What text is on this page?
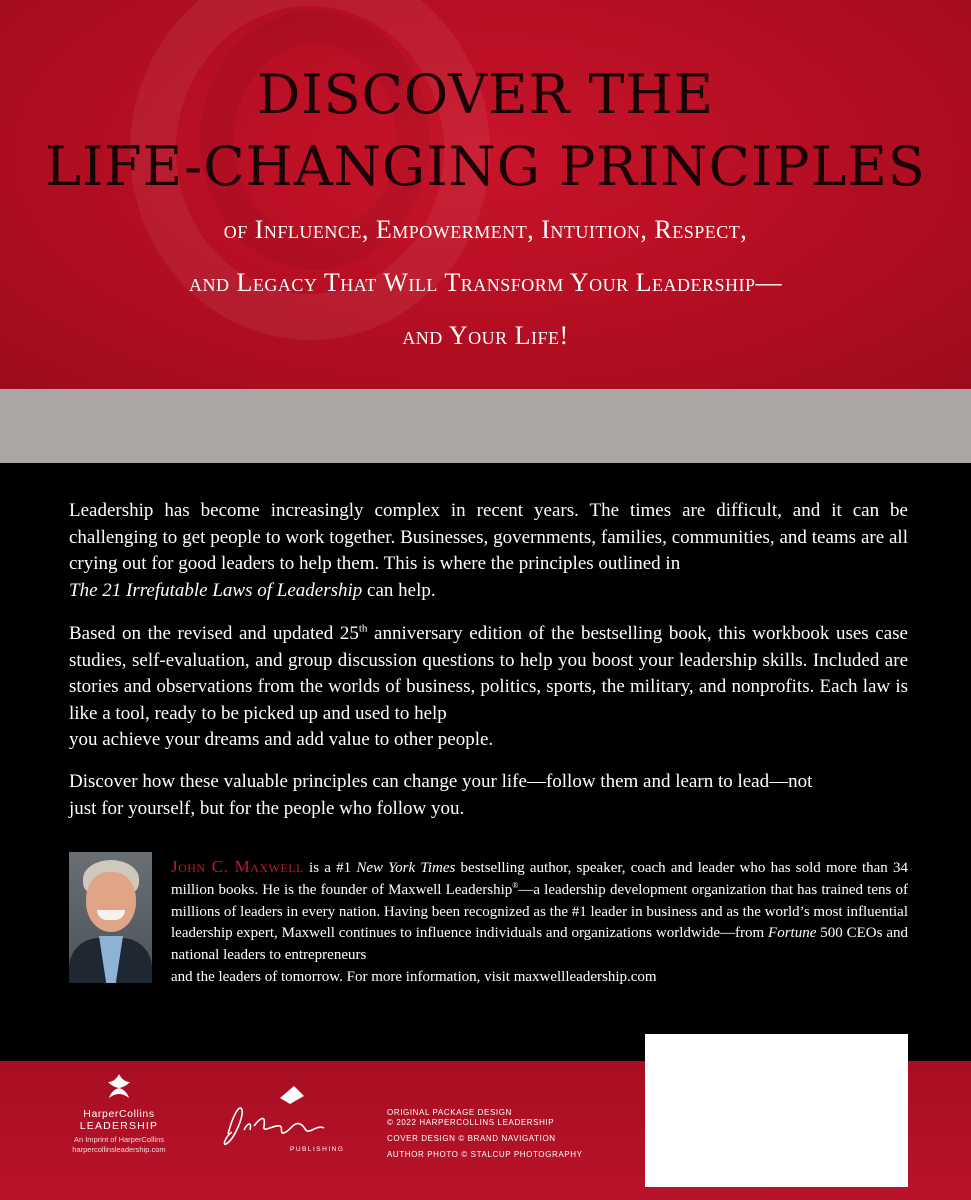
DISCOVER THE
LIFE-CHANGING PRINCIPLES
of Influence, Empowerment, Intuition, Respect,
and Legacy That Will Transform Your Leadership—
and Your Life!
Leadership has become increasingly complex in recent years. The times are difficult, and it can be challenging to get people to work together. Businesses, governments, families, communities, and teams are all crying out for good leaders to help them. This is where the principles outlined in
The 21 Irrefutable Laws of Leadership can help.
Based on the revised and updated 25th anniversary edition of the bestselling book, this workbook uses case studies, self-evaluation, and group discussion questions to help you boost your leadership skills. Included are stories and observations from the worlds of business, politics, sports, the military, and nonprofits. Each law is like a tool, ready to be picked up and used to help
you achieve your dreams and add value to other people.
Discover how these valuable principles can change your life—follow them and learn to lead—not
just for yourself, but for the people who follow you.
John C. Maxwell is a #1 New York Times bestselling author, speaker, coach and leader who has sold more than 34 million books. He is the founder of Maxwell Leadership®—a leadership development organization that has trained tens of millions of leaders in every nation. Having been recognized as the #1 leader in business and as the world’s most influential leadership expert, Maxwell continues to influence individuals and organizations worldwide—from Fortune 500 CEOs and national leaders to entrepreneurs
and the leaders of tomorrow. For more information, visit maxwellleadership.com
HarperCollins
LEADERSHIP
An Imprint of HarperCollins
harpercollinsleadership.com	PUBLISHING
ORIGINAL PACKAGE DESIGN
© 2022 HARPERCOLLINS LEADERSHIP
COVER DESIGN © BRAND NAVIGATION
AUTHOR PHOTO © STALCUP PHOTOGRAPHY
